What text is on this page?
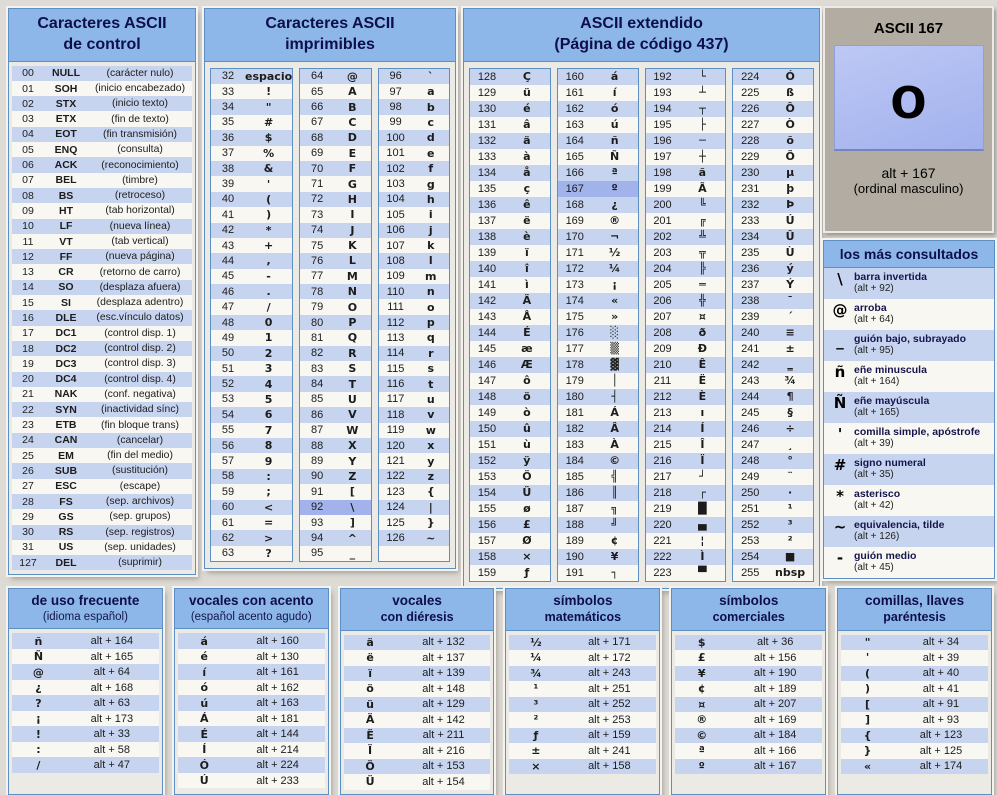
Caracteres ASCII
de control
00	NULL	(carácter nulo)
01	SOH	(inicio encabezado)
02	STX	(inicio texto)
03	ETX	(fin de texto)
04	EOT	(fin transmisión)
05	ENQ	(consulta)
06	ACK	(reconocimiento)
07	BEL	(timbre)
08	BS	(retroceso)
09	HT	(tab horizontal)
10	LF	(nueva línea)
11	VT	(tab vertical)
12	FF	(nueva página)
13	CR	(retorno de carro)
14	SO	(desplaza afuera)
15	SI	(desplaza adentro)
16	DLE	(esc.vínculo datos)
17	DC1	(control disp. 1)
18	DC2	(control disp. 2)
19	DC3	(control disp. 3)
20	DC4	(control disp. 4)
21	NAK	(conf. negativa)
22	SYN	(inactividad sínc)
23	ETB	(fin bloque trans)
24	CAN	(cancelar)
25	EM	(fin del medio)
26	SUB	(sustitución)
27	ESC	(escape)
28	FS	(sep. archivos)
29	GS	(sep. grupos)
30	RS	(sep. registros)
31	US	(sep. unidades)
127	DEL	(suprimir)
Caracteres ASCII
imprimibles
32 espacio
33	!
34	"
35	#
36	$
37	%
38	&
39	'
40	(
41	)
42	*
43	+
44	,
45	-
46	.
47	/
48	0
49	1
50	2
51	3
52	4
53	5
54	6
55	7
56	8
57	9
58	:
59	;
60	<
61	=
62	>
63	?
64	@
65	A
66	B
67	C
68	D
69	E
70	F
71	G
72	H
73	I
74	J
75	K
76	L
77	M
78	N
79	O
80	P
81	Q
82	R
83	S
84	T
85	U
86	V
87	W
88	X
89	Y
90	Z
91	[
92	\
93	]
94	^
95	_
96	`
97	a
98	b
99	c
100	d
101	e
102	f
103	g
104	h
105	i
106	j
107	k
108	l
109	m
110	n
111	o
112	p
113	q
114	r
115	s
116	t
117	u
118	v
119	w
120	x
121	y
122	z
123	{
124	|
125	}
126	~
ASCII extendido
(Página de código 437)
128	Ç
129	ü
130	é
131	â
132	ä
133	à
134	å
135	ç
136	ê
137	ë
138	è
139	ï
140	î
141	ì
142	Ä
143	Å
144	É
145	æ
146	Æ
147	ô
148	ö
149	ò
150	û
151	ù
152	ÿ
153	Ö
154	Ü
155	ø
156	£
157	Ø
158	×
159	ƒ
160	á
161	í
162	ó
163	ú
164	ñ
165	Ñ
166	ª
167	º
168	¿
169	®
170	¬
171	½
172	¼
173	¡
174	«
175	»
176	░
177	▒
178	▓
179	│
180	┤
181	Á
182	Â
183	À
184	©
185	╣
186	║
187	╗
188	╝
189	¢
190	¥
191	┐
192	└
193	┴
194	┬
195	├
196	─
197	┼
198	ã
199	Ã
200	╚
201	╔
202	╩
203	╦
204	╠
205	═
206	╬
207	¤
208	ð
209	Ð
210	Ê
211	Ë
212	È
213	ı
214	Í
215	Î
216	Ï
217	┘
218	┌
219	█
220	▄
221	¦
222	Ì
223	▀
224	Ó
225	ß
226	Ô
227	Ò
228	õ
229	Õ
230	µ
231	þ
232	Þ
233	Ú
234	Û
235	Ù
236	ý
237	Ý
238	¯
239	´
240	≡
241	±
242	‗
243	¾
244	¶
245	§
246	÷
247	¸
248	°
249	¨
250	·
251	¹
252	³
253	²
254	■
255	nbsp
ASCII 167
o
alt + 167
(ordinal masculino)
los más consultados
\	barra invertida
(alt + 92)
@ arroba
(alt + 64)
_ guión bajo, subrayado
(alt + 95)
ñ eñe minuscula
(alt + 164)
Ñ eñe mayúscula
(alt + 165)
'	comilla simple, apóstrofe
(alt + 39)
# signo numeral
(alt + 35)
* asterisco
(alt + 42)
~ equivalencia, tilde
(alt + 126)
-	guión medio
(alt + 45)
de uso frecuente
(idioma español)
ñ	alt + 164
Ñ	alt + 165
@	alt + 64
¿	alt + 168
?	alt + 63
¡	alt + 173
!	alt + 33
:	alt + 58
/	alt + 47
vocales con acento
(español acento agudo)
á	alt + 160
é	alt + 130
í	alt + 161
ó	alt + 162
ú	alt + 163
Á	alt + 181
É	alt + 144
Í	alt + 214
Ó	alt + 224
Ú	alt + 233
vocales
con diéresis
ä	alt + 132
ë	alt + 137
ï	alt + 139
ö	alt + 148
ü	alt + 129
Ä	alt + 142
Ë	alt + 211
Ï	alt + 216
Ö	alt + 153
Ü	alt + 154
símbolos
matemáticos
½	alt + 171
¼	alt + 172
¾	alt + 243
¹	alt + 251
³	alt + 252
²	alt + 253
ƒ	alt + 159
±	alt + 241
×	alt + 158
símbolos
comerciales
$	alt + 36
£	alt + 156
¥	alt + 190
¢	alt + 189
¤	alt + 207
®	alt + 169
©	alt + 184
ª	alt + 166
º	alt + 167
comillas, llaves
paréntesis
"	alt + 34
'	alt + 39
(	alt + 40
)	alt + 41
[	alt + 91
]	alt + 93
{	alt + 123
}	alt + 125
«	alt + 174
